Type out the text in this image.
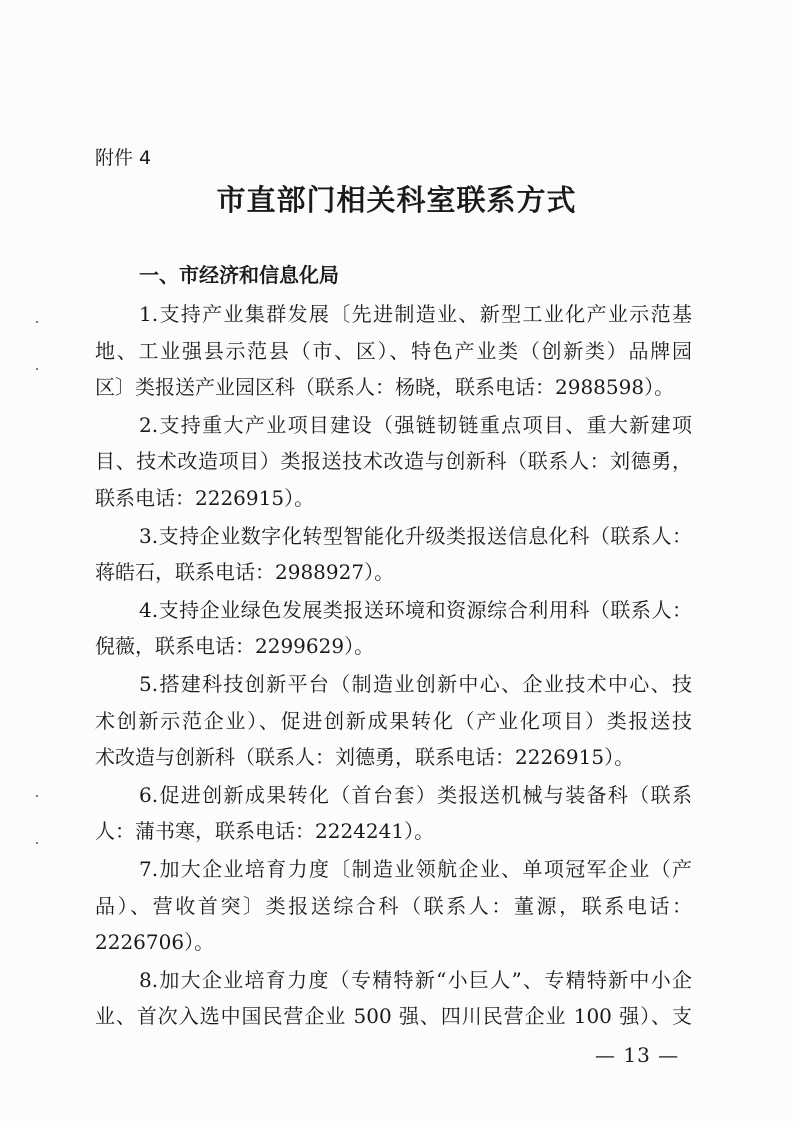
附件 4
市直部门相关科室联系方式
一、市经济和信息化局
1.支持产业集群发展〔先进制造业、新型工业化产业示范基
地、工业强县示范县（市、区）、特色产业类（创新类）品牌园
区〕类报送产业园区科（联系人：杨晓，联系电话：2988598）。
2.支持重大产业项目建设（强链韧链重点项目、重大新建项
目、技术改造项目）类报送技术改造与创新科（联系人：刘德勇，
联系电话：2226915）。
3.支持企业数字化转型智能化升级类报送信息化科（联系人：
蒋皓石，联系电话：2988927）。
4.支持企业绿色发展类报送环境和资源综合利用科（联系人：
倪薇，联系电话：2299629）。
5.搭建科技创新平台（制造业创新中心、企业技术中心、技
术创新示范企业）、促进创新成果转化（产业化项目）类报送技
术改造与创新科（联系人：刘德勇，联系电话：2226915）。
6.促进创新成果转化（首台套）类报送机械与装备科（联系
人：蒲书寒，联系电话：2224241）。
7.加大企业培育力度〔制造业领航企业、单项冠军企业（产
品）、营收首突〕类报送综合科（联系人：董源，联系电话：
2226706）。
8.加大企业培育力度（专精特新“小巨人”、专精特新中小企
业、首次入选中国民营企业 500 强、四川民营企业 100 强）、支
— 13 —
